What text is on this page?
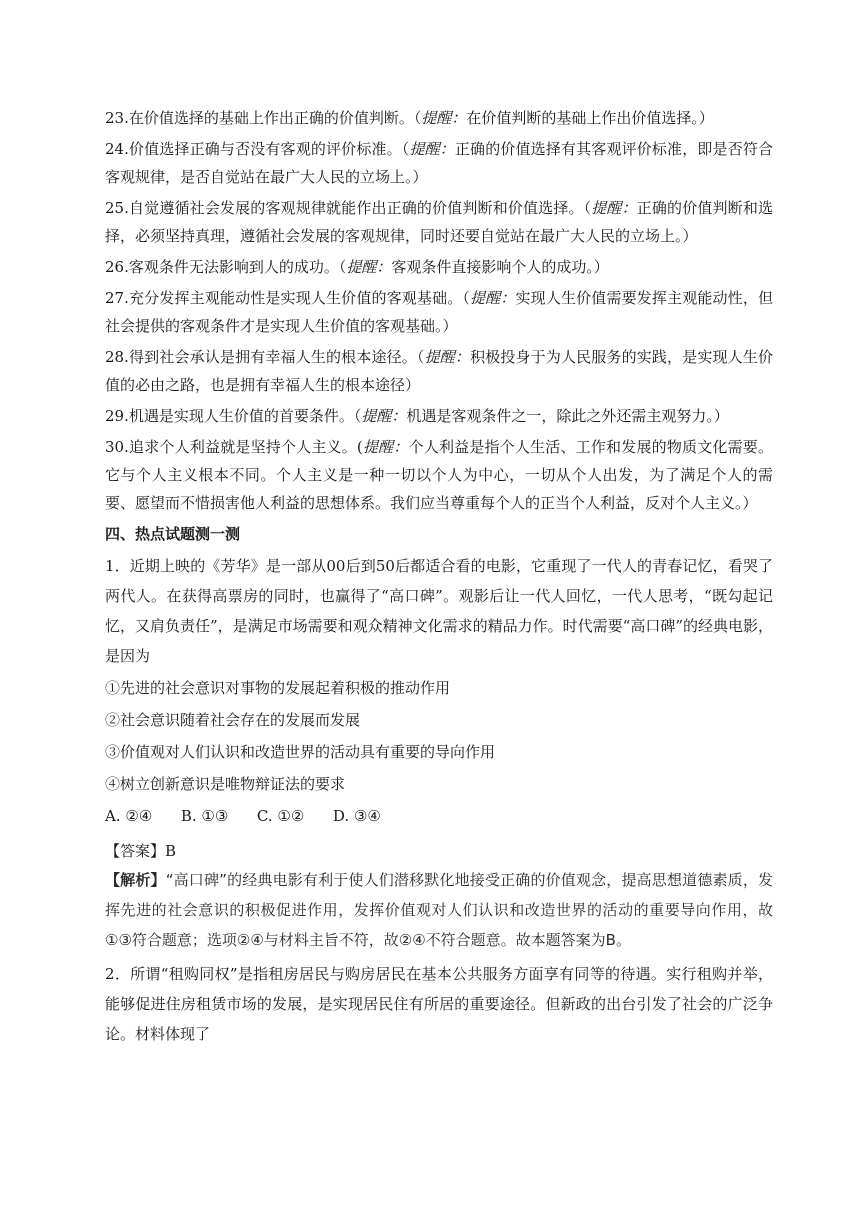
23.在价值选择的基础上作出正确的价值判断。（提醒：在价值判断的基础上作出价值选择。）

24.价值选择正确与否没有客观的评价标准。（提醒：正确的价值选择有其客观评价标准，即是否符合客观规律，是否自觉站在最广大人民的立场上。）

25.自觉遵循社会发展的客观规律就能作出正确的价值判断和价值选择。（提醒：正确的价值判断和选择，必须坚持真理，遵循社会发展的客观规律，同时还要自觉站在最广大人民的立场上。）

26.客观条件无法影响到人的成功。（提醒：客观条件直接影响个人的成功。）

27.充分发挥主观能动性是实现人生价值的客观基础。（提醒：实现人生价值需要发挥主观能动性，但社会提供的客观条件才是实现人生价值的客观基础。）

28.得到社会承认是拥有幸福人生的根本途径。（提醒：积极投身于为人民服务的实践，是实现人生价值的必由之路，也是拥有幸福人生的根本途径）

29.机遇是实现人生价值的首要条件。（提醒：机遇是客观条件之一，除此之外还需主观努力。）

30.追求个人利益就是坚持个人主义。(提醒：个人利益是指个人生活、工作和发展的物质文化需要。它与个人主义根本不同。个人主义是一种一切以个人为中心，一切从个人出发，为了满足个人的需要、愿望而不惜损害他人利益的思想体系。我们应当尊重每个人的正当个人利益，反对个人主义。）

四、热点试题测一测

1．近期上映的《芳华》是一部从00后到50后都适合看的电影，它重现了一代人的青春记忆，看哭了两代人。在获得高票房的同时，也赢得了“高口碑”。观影后让一代人回忆，一代人思考，“既勾起记忆，又肩负责任”，是满足市场需要和观众精神文化需求的精品力作。时代需要“高口碑”的经典电影，是因为

①先进的社会意识对事物的发展起着积极的推动作用

②社会意识随着社会存在的发展而发展

③价值观对人们认识和改造世界的活动具有重要的导向作用

④树立创新意识是唯物辩证法的要求

A. ②④      B. ①③      C. ①②      D. ③④

【答案】B

【解析】“高口碑”的经典电影有利于使人们潜移默化地接受正确的价值观念，提高思想道德素质，发挥先进的社会意识的积极促进作用，发挥价值观对人们认识和改造世界的活动的重要导向作用，故①③符合题意；选项②④与材料主旨不符，故②④不符合题意。故本题答案为B。

2．所谓“租购同权”是指租房居民与购房居民在基本公共服务方面享有同等的待遇。实行租购并举，能够促进住房租赁市场的发展，是实现居民住有所居的重要途径。但新政的出台引发了社会的广泛争论。材料体现了
